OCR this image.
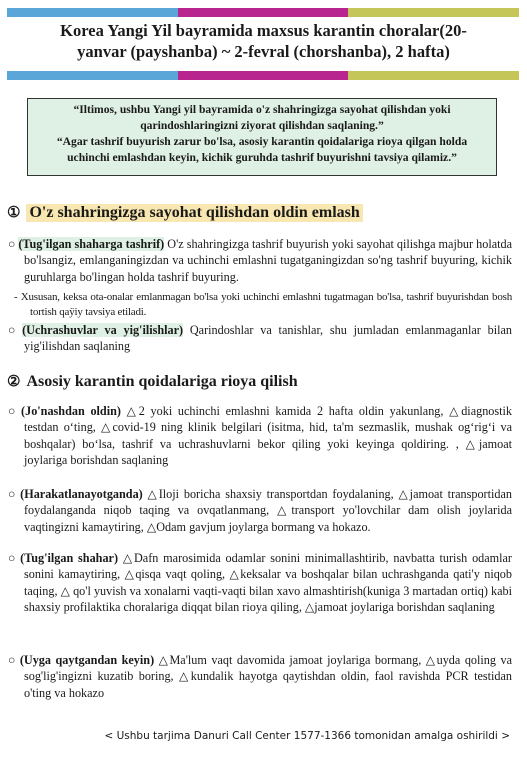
Korea Yangi Yil bayramida maxsus karantin choralar(20-
yanvar (payshanba) ~ 2-fevral (chorshanba), 2 hafta)
“Iltimos, ushbu Yangi yil bayramida o'z shahringizga sayohat qilishdan yoki
qarindoshlaringizni ziyorat qilishdan saqlaning.”
“Agar tashrif buyurish zarur bo'lsa, asosiy karantin qoidalariga rioya qilgan holda
uchinchi emlashdan keyin, kichik guruhda tashrif buyurishni tavsiya qilamiz.”
① O'z shahringizga sayohat qilishdan oldin emlash
○ (Tug'ilgan shaharga tashrif) O'z shahringizga tashrif buyurish yoki sayohat qilishga majbur holatda bo'lsangiz, emlanganingizdan va uchinchi emlashni tugatganingizdan so'ng tashrif buyuring, kichik guruhlarga bo'lingan holda tashrif buyuring.
- Xususan, keksa ota-onalar emlanmagan bo'lsa yoki uchinchi emlashni tugatmagan bo'lsa, tashrif buyurishdan bosh tortish qaÿiy tavsiya etiladi.
○ (Uchrashuvlar va yig'ilishlar) Qarindoshlar va tanishlar, shu jumladan emlanmaganlar bilan yig'ilishdan saqlaning
② Asosiy karantin qoidalariga rioya qilish
○ (Jo'nashdan oldin) △2 yoki uchinchi emlashni kamida 2 hafta oldin yakunlang, △diagnostik testdan o‘ting, △covid-19 ning klinik belgilari (isitma, hid, ta'm sezmaslik, mushak og‘rig‘i va boshqalar) bo‘lsa, tashrif va uchrashuvlarni bekor qiling yoki keyinga qoldiring. , △jamoat joylariga borishdan saqlaning
○ (Harakatlanayotganda) △Iloji boricha shaxsiy transportdan foydalaning, △jamoat transportidan foydalanganda niqob taqing va ovqatlanmang, △transport yo'lovchilar dam olish joylarida vaqtingizni kamaytiring, △Odam gavjum joylarga bormang va hokazo.
○ (Tug'ilgan shahar) △Dafn marosimida odamlar sonini minimallashtirib, navbatta turish odamlar sonini kamaytiring, △qisqa vaqt qoling, △keksalar va boshqalar bilan uchrashganda qati'y niqob taqing, △ qo'l yuvish va xonalarni vaqti-vaqti bilan xavo almashtirish(kuniga 3 martadan ortiq) kabi shaxsiy profilaktika choralariga diqqat bilan rioya qiling, △jamoat joylariga borishdan saqlaning
○ (Uyga qaytgandan keyin) △Ma'lum vaqt davomida jamoat joylariga bormang, △uyda qoling va sog'lig'ingizni kuzatib boring, △kundalik hayotga qaytishdan oldin, faol ravishda PCR testidan o'ting va hokazo
< Ushbu tarjima Danuri Call Center 1577-1366 tomonidan amalga oshirildi >
